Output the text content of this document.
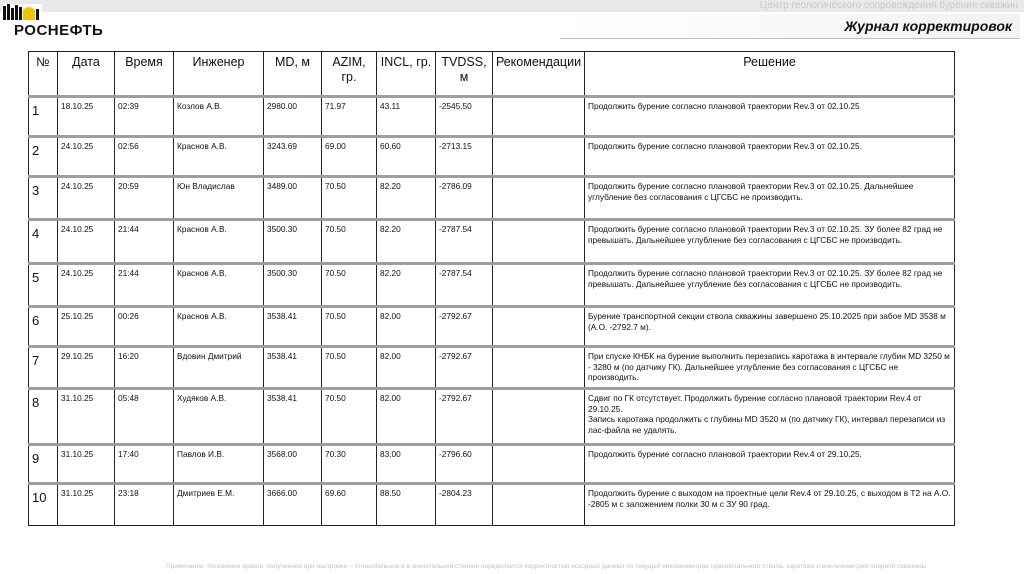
Центр геологического сопровождения бурения скважин
РОСНЕФТЬ	Журнал корректировок
№	Дата	Время	Инженер	MD, м	AZIM, гр.	INCL, гр.	TVDSS, м	Рекомендации	Решение
1	18.10.25	02:39	Козлов А.В.	2980.00	71.97	43.11	-2545.50		Продолжить бурение согласно плановой траектории Rev.3 от 02.10.25
2	24.10.25	02:56	Краснов А.В.	3243.69	69.00	60.60	-2713.15		Продолжить бурение согласно плановой траектории Rev.3 от 02.10.25.
3	24.10.25	20:59	Юн Владислав	3489.00	70.50	82.20	-2786.09		Продолжить бурение согласно плановой траектории Rev.3 от 02.10.25. Дальнейшее углубление без согласования с ЦГСБС не производить.
4	24.10.25	21:44	Краснов А.В.	3500.30	70.50	82.20	-2787.54		Продолжить бурение согласно плановой траектории Rev.3 от 02.10.25. ЗУ более 82 град не превышать. Дальнейшее углубление без согласования с ЦГСБС не производить.
5	24.10.25	21:44	Краснов А.В.	3500.30	70.50	82.20	-2787.54		Продолжить бурение согласно плановой траектории Rev.3 от 02.10.25. ЗУ более 82 град не превышать. Дальнейшее углубление без согласования с ЦГСБС не производить.
6	25.10.25	00:26	Краснов А.В.	3538.41	70.50	82.00	-2792.67		Бурение транспортной секции ствола скважины завершено 25.10.2025 при забое MD 3538 м (А.О. -2792.7 м).
7	29.10.25	16:20	Вдовин Дмитрий	3538.41	70.50	82.00	-2792.67		При спуске КНБК на бурение выполнить перезапись каротажа в интервале глубин MD 3250 м - 3280 м (по датчику ГК). Дальнейшее углубление без согласования с ЦГСБС не производить.
8	31.10.25	05:48	Худяков А.В.	3538.41	70.50	82.00	-2792.67		Сдвиг по ГК отсутствует. Продолжить бурение согласно плановой траектории Rev.4 от 29.10.25.
Запись каротажа продолжить с глубины MD 3520 м (по датчику ГК), интервал перезаписи из лас-файла не удалять.
9	31.10.25	17:40	Павлов И.В.	3568.00	70.30	83.00	-2796.60		Продолжить бурение согласно плановой траектории Rev.4 от 29.10.25.
10	31.10.25	23:18	Дмитриев Е.М.	3666.00	69.60	88.50	-2804.23		Продолжить бурение с выходом на проектные цели Rev.4 от 29.10.25, с выходом в Т2 на А.О. -2805 м с заложением полки 30 м с ЗУ 90 град.
Примечание: положение кровли, полученное при настройке – относительное и в значительной степени определяется корректностью исходных данных по текущей инклинометрии горизонтального ствола, каротажа и инклинометрии опорной скважины
